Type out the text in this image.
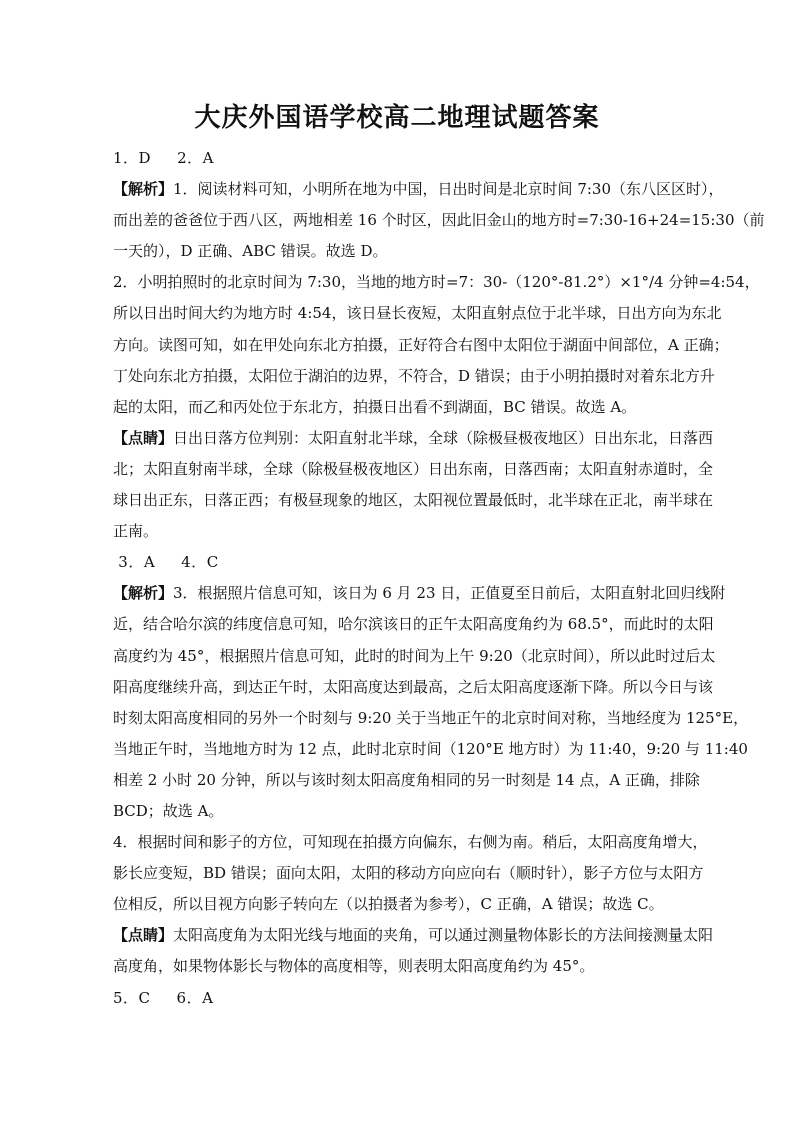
大庆外国语学校高二地理试题答案
1．D 2．A
【解析】1．阅读材料可知，小明所在地为中国，日出时间是北京时间 7:30（东八区区时），
而出差的爸爸位于西八区，两地相差 16 个时区，因此旧金山的地方时=7:30-16+24=15:30（前
一天的），D 正确、ABC 错误。故选 D。
2．小明拍照时的北京时间为 7:30，当地的地方时=7：30-（120°-81.2°）×1°/4 分钟=4:54，
所以日出时间大约为地方时 4:54，该日昼长夜短，太阳直射点位于北半球，日出方向为东北
方向。读图可知，如在甲处向东北方拍摄，正好符合右图中太阳位于湖面中间部位，A 正确；
丁处向东北方拍摄，太阳位于湖泊的边界，不符合，D 错误；由于小明拍摄时对着东北方升
起的太阳，而乙和丙处位于东北方，拍摄日出看不到湖面，BC 错误。故选 A。
【点睛】日出日落方位判别：太阳直射北半球，全球（除极昼极夜地区）日出东北，日落西
北；太阳直射南半球，全球（除极昼极夜地区）日出东南，日落西南；太阳直射赤道时，全
球日出正东，日落正西；有极昼现象的地区，太阳视位置最低时，北半球在正北，南半球在
正南。
3．A 4．C
【解析】3．根据照片信息可知，该日为 6 月 23 日，正值夏至日前后，太阳直射北回归线附
近，结合哈尔滨的纬度信息可知，哈尔滨该日的正午太阳高度角约为 68.5°，而此时的太阳
高度约为 45°，根据照片信息可知，此时的时间为上午 9:20（北京时间），所以此时过后太
阳高度继续升高，到达正午时，太阳高度达到最高，之后太阳高度逐渐下降。所以今日与该
时刻太阳高度相同的另外一个时刻与 9:20 关于当地正午的北京时间对称，当地经度为 125°E，
当地正午时，当地地方时为 12 点，此时北京时间（120°E 地方时）为 11:40，9:20 与 11:40
相差 2 小时 20 分钟，所以与该时刻太阳高度角相同的另一时刻是 14 点，A 正确，排除
BCD；故选 A。
4．根据时间和影子的方位，可知现在拍摄方向偏东，右侧为南。稍后，太阳高度角增大，
影长应变短，BD 错误；面向太阳，太阳的移动方向应向右（顺时针），影子方位与太阳方
位相反，所以目视方向影子转向左（以拍摄者为参考），C 正确，A 错误；故选 C。
【点睛】太阳高度角为太阳光线与地面的夹角，可以通过测量物体影长的方法间接测量太阳
高度角，如果物体影长与物体的高度相等，则表明太阳高度角约为 45°。
5．C 6．A
